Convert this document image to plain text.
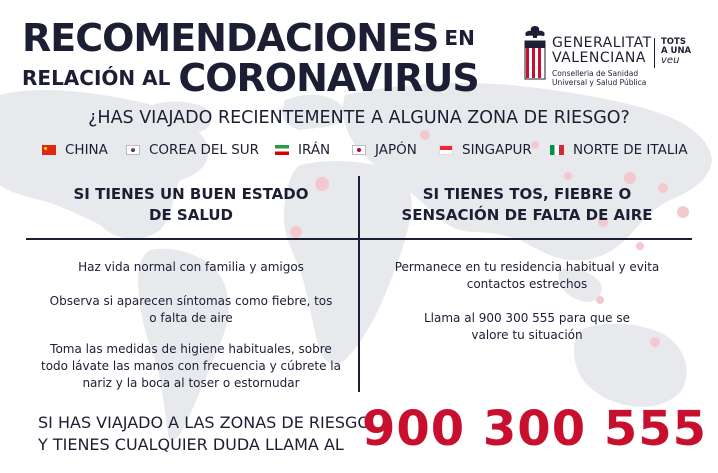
RECOMENDACIONES EN
RELACIÓN AL CORONAVIRUS
GENERALITAT
VALENCIANA
Conselleria de Sanidad
Universal y Salud Pública
TOTS
A UNA
veu
¿HAS VIAJADO RECIENTEMENTE A ALGUNA ZONA DE RIESGO?
CHINA	COREA DEL SUR	IRÁN	JAPÓN	SINGAPUR	NORTE DE ITALIA
SI TIENES UN BUEN ESTADO
DE SALUD
SI TIENES TOS, FIEBRE O
SENSACIÓN DE FALTA DE AIRE
Haz vida normal con familia y amigos
Observa si aparecen síntomas como fiebre, tos
o falta de aire
Toma las medidas de higiene habituales, sobre
todo lávate las manos con frecuencia y cúbrete la
nariz y la boca al toser o estornudar
Permanece en tu residencia habitual y evita
contactos estrechos
Llama al 900 300 555 para que se
valore tu situación
SI HAS VIAJADO A LAS ZONAS DE RIESGO
Y TIENES CUALQUIER DUDA LLAMA AL 900 300 555
